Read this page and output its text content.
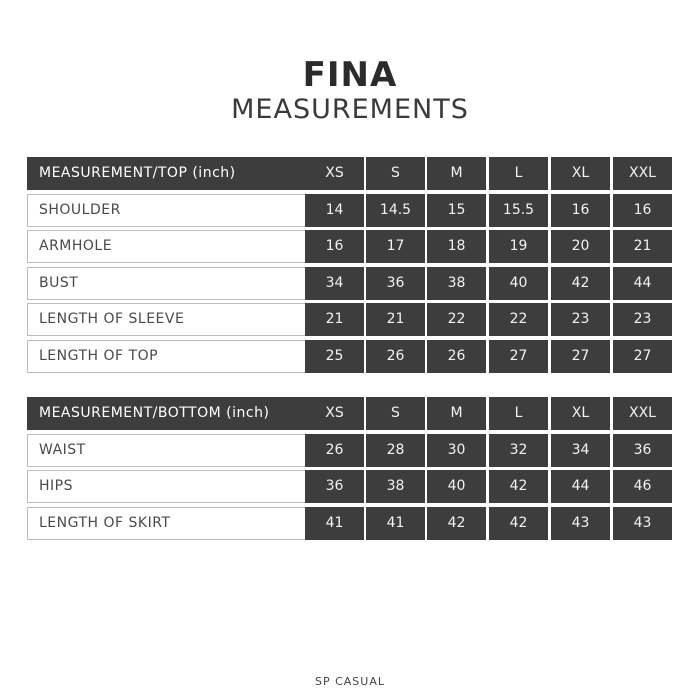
FINA
MEASUREMENTS
MEASUREMENT/TOP (inch)	XS	S	M	L	XL	XXL
SHOULDER	14	14.5	15	15.5	16	16
ARMHOLE	16	17	18	19	20	21
BUST	34	36	38	40	42	44
LENGTH OF SLEEVE	21	21	22	22	23	23
LENGTH OF TOP	25	26	26	27	27	27
MEASUREMENT/BOTTOM (inch)	XS	S	M	L	XL	XXL
WAIST	26	28	30	32	34	36
HIPS	36	38	40	42	44	46
LENGTH OF SKIRT	41	41	42	42	43	43
SP CASUAL
